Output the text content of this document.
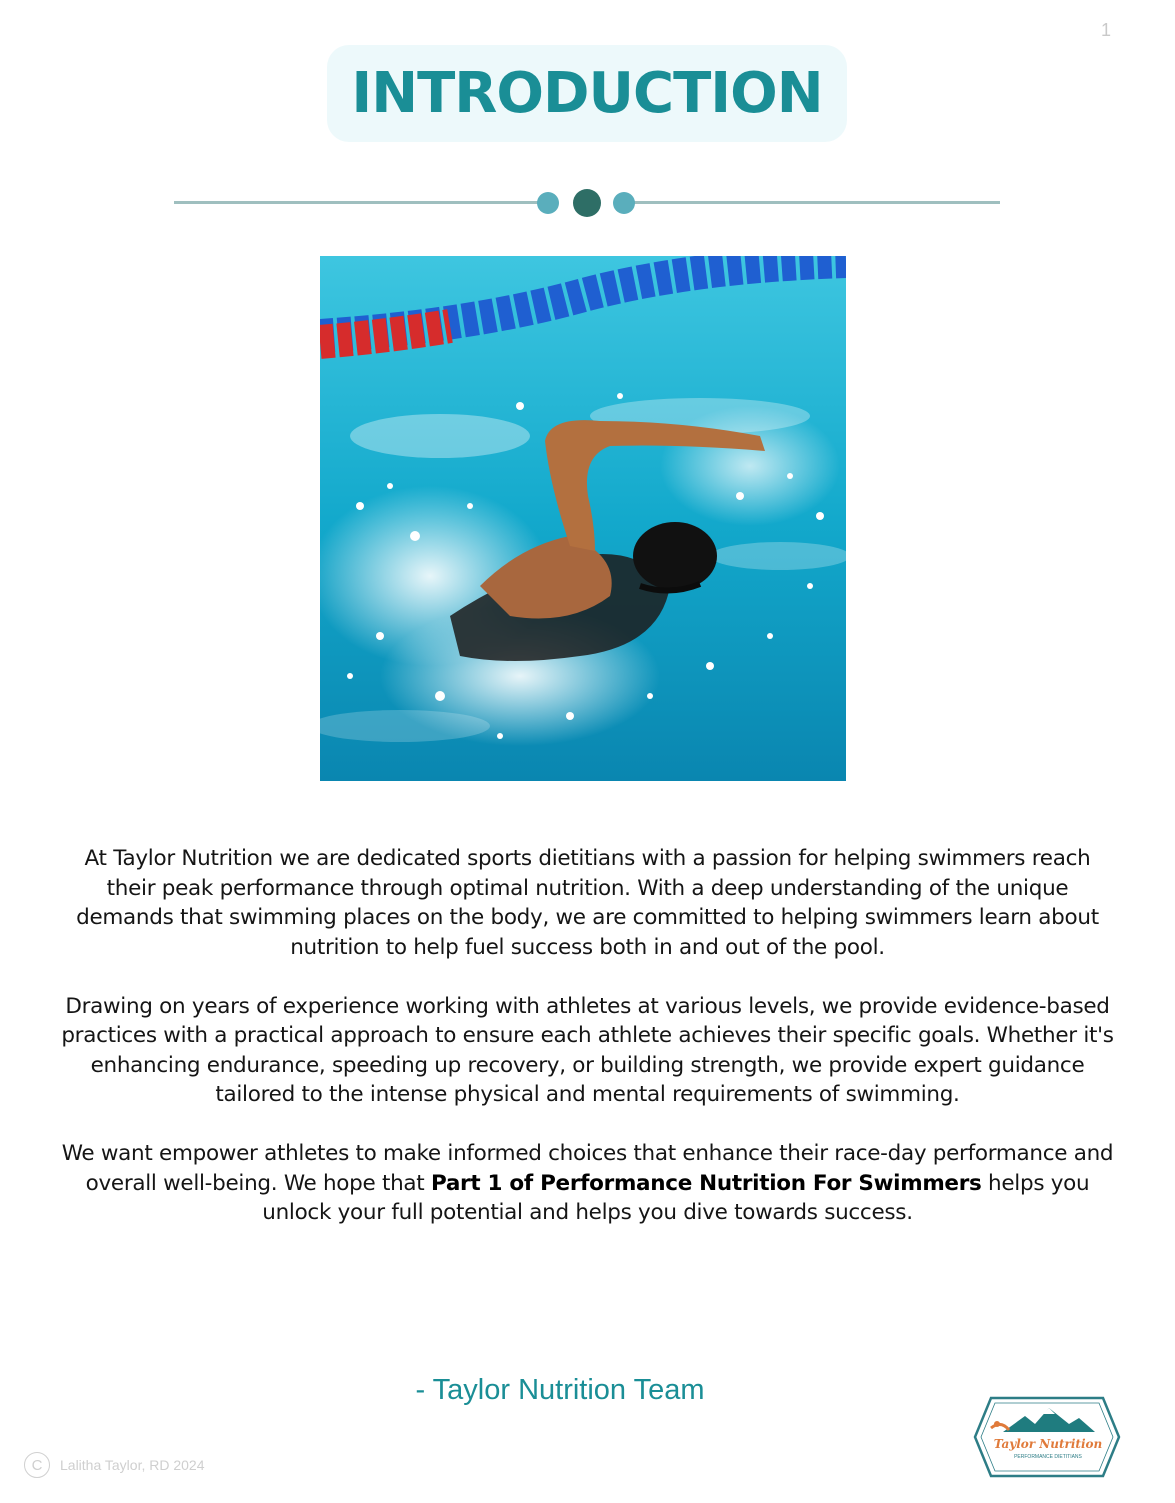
1
INTRODUCTION

At Taylor Nutrition we are dedicated sports dietitians with a passion for helping swimmers reach their peak performance through optimal nutrition. With a deep understanding of the unique demands that swimming places on the body, we are committed to helping swimmers learn about nutrition to help fuel success both in and out of the pool.

Drawing on years of experience working with athletes at various levels, we provide evidence-based practices with a practical approach to ensure each athlete achieves their specific goals. Whether it's enhancing endurance, speeding up recovery, or building strength, we provide expert guidance tailored to the intense physical and mental requirements of swimming.

We want empower athletes to make informed choices that enhance their race-day performance and overall well-being. We hope that Part 1 of Performance Nutrition For Swimmers helps you unlock your full potential and helps you dive towards success.

- Taylor Nutrition Team
C	Lalitha Taylor, RD 2024
Taylor Nutrition
PERFORMANCE DIETITIANS
